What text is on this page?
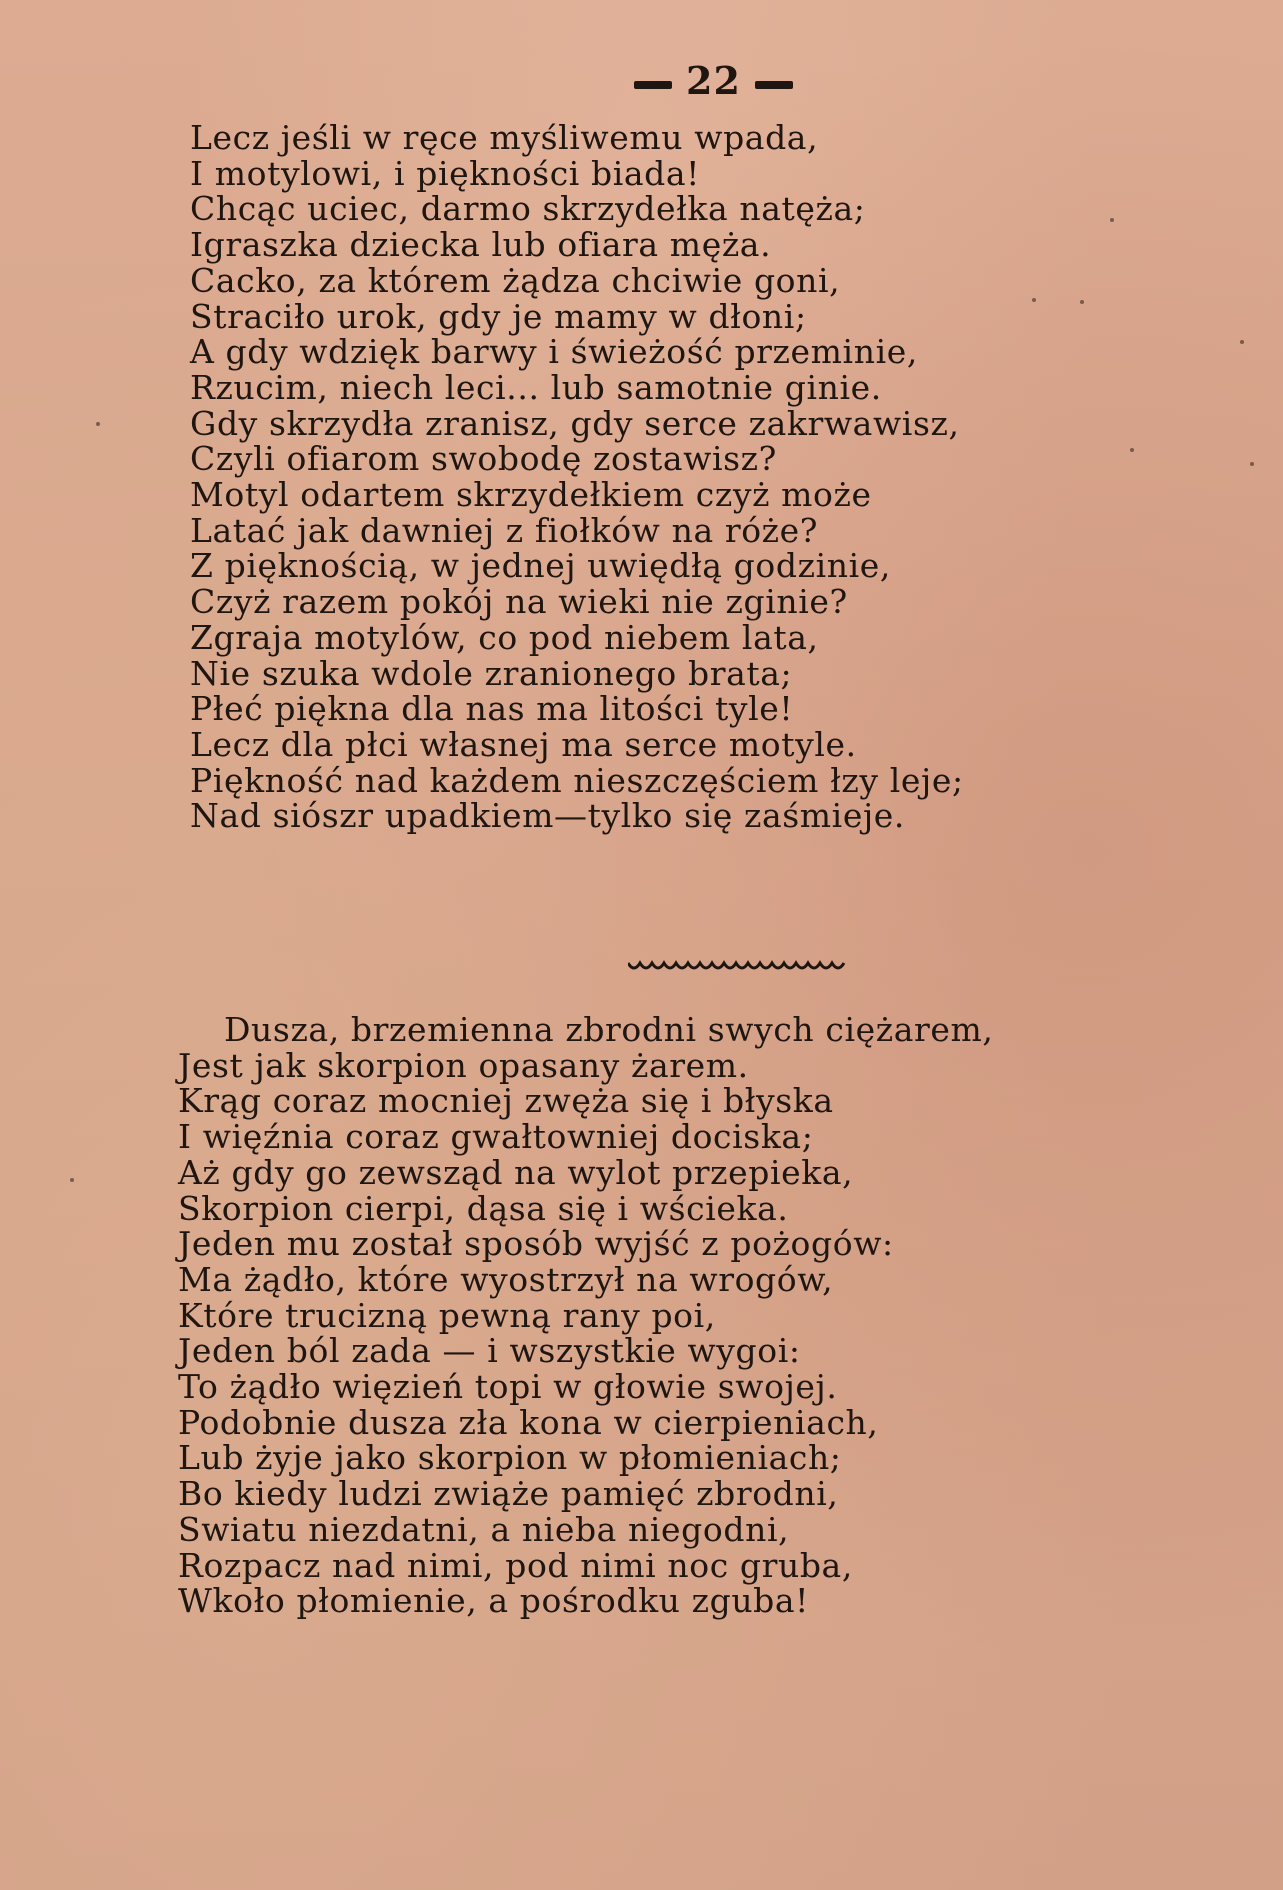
22
Lecz jeśli w ręce myśliwemu wpada,
I motylowi, i piękności biada!
Chcąc uciec, darmo skrzydełka natęża;
Igraszka dziecka lub ofiara męża.
Cacko, za którem żądza chciwie goni,
Straciło urok, gdy je mamy w dłoni;
A gdy wdzięk barwy i świeżość przeminie,
Rzucim, niech leci... lub samotnie ginie.
Gdy skrzydła zranisz, gdy serce zakrwawisz,
Czyli ofiarom swobodę zostawisz?
Motyl odartem skrzydełkiem czyż może
Latać jak dawniej z fiołków na róże?
Z pięknością, w jednej uwiędłą godzinie,
Czyż razem pokój na wieki nie zginie?
Zgraja motylów, co pod niebem lata,
Nie szuka wdole zranionego brata;
Płeć piękna dla nas ma litości tyle!
Lecz dla płci własnej ma serce motyle.
Piękność nad każdem nieszczęściem łzy leje;
Nad siószr upadkiem—tylko się zaśmieje.
Dusza, brzemienna zbrodni swych ciężarem,
Jest jak skorpion opasany żarem.
Krąg coraz mocniej zwęża się i błyska
I więźnia coraz gwałtowniej dociska;
Aż gdy go zewsząd na wylot przepieka,
Skorpion cierpi, dąsa się i wścieka.
Jeden mu został sposób wyjść z pożogów:
Ma żądło, które wyostrzył na wrogów,
Które trucizną pewną rany poi,
Jeden ból zada — i wszystkie wygoi:
To żądło więzień topi w głowie swojej.
Podobnie dusza zła kona w cierpieniach,
Lub żyje jako skorpion w płomieniach;
Bo kiedy ludzi zwiąże pamięć zbrodni,
Swiatu niezdatni, a nieba niegodni,
Rozpacz nad nimi, pod nimi noc gruba,
Wkoło płomienie, a pośrodku zguba!
